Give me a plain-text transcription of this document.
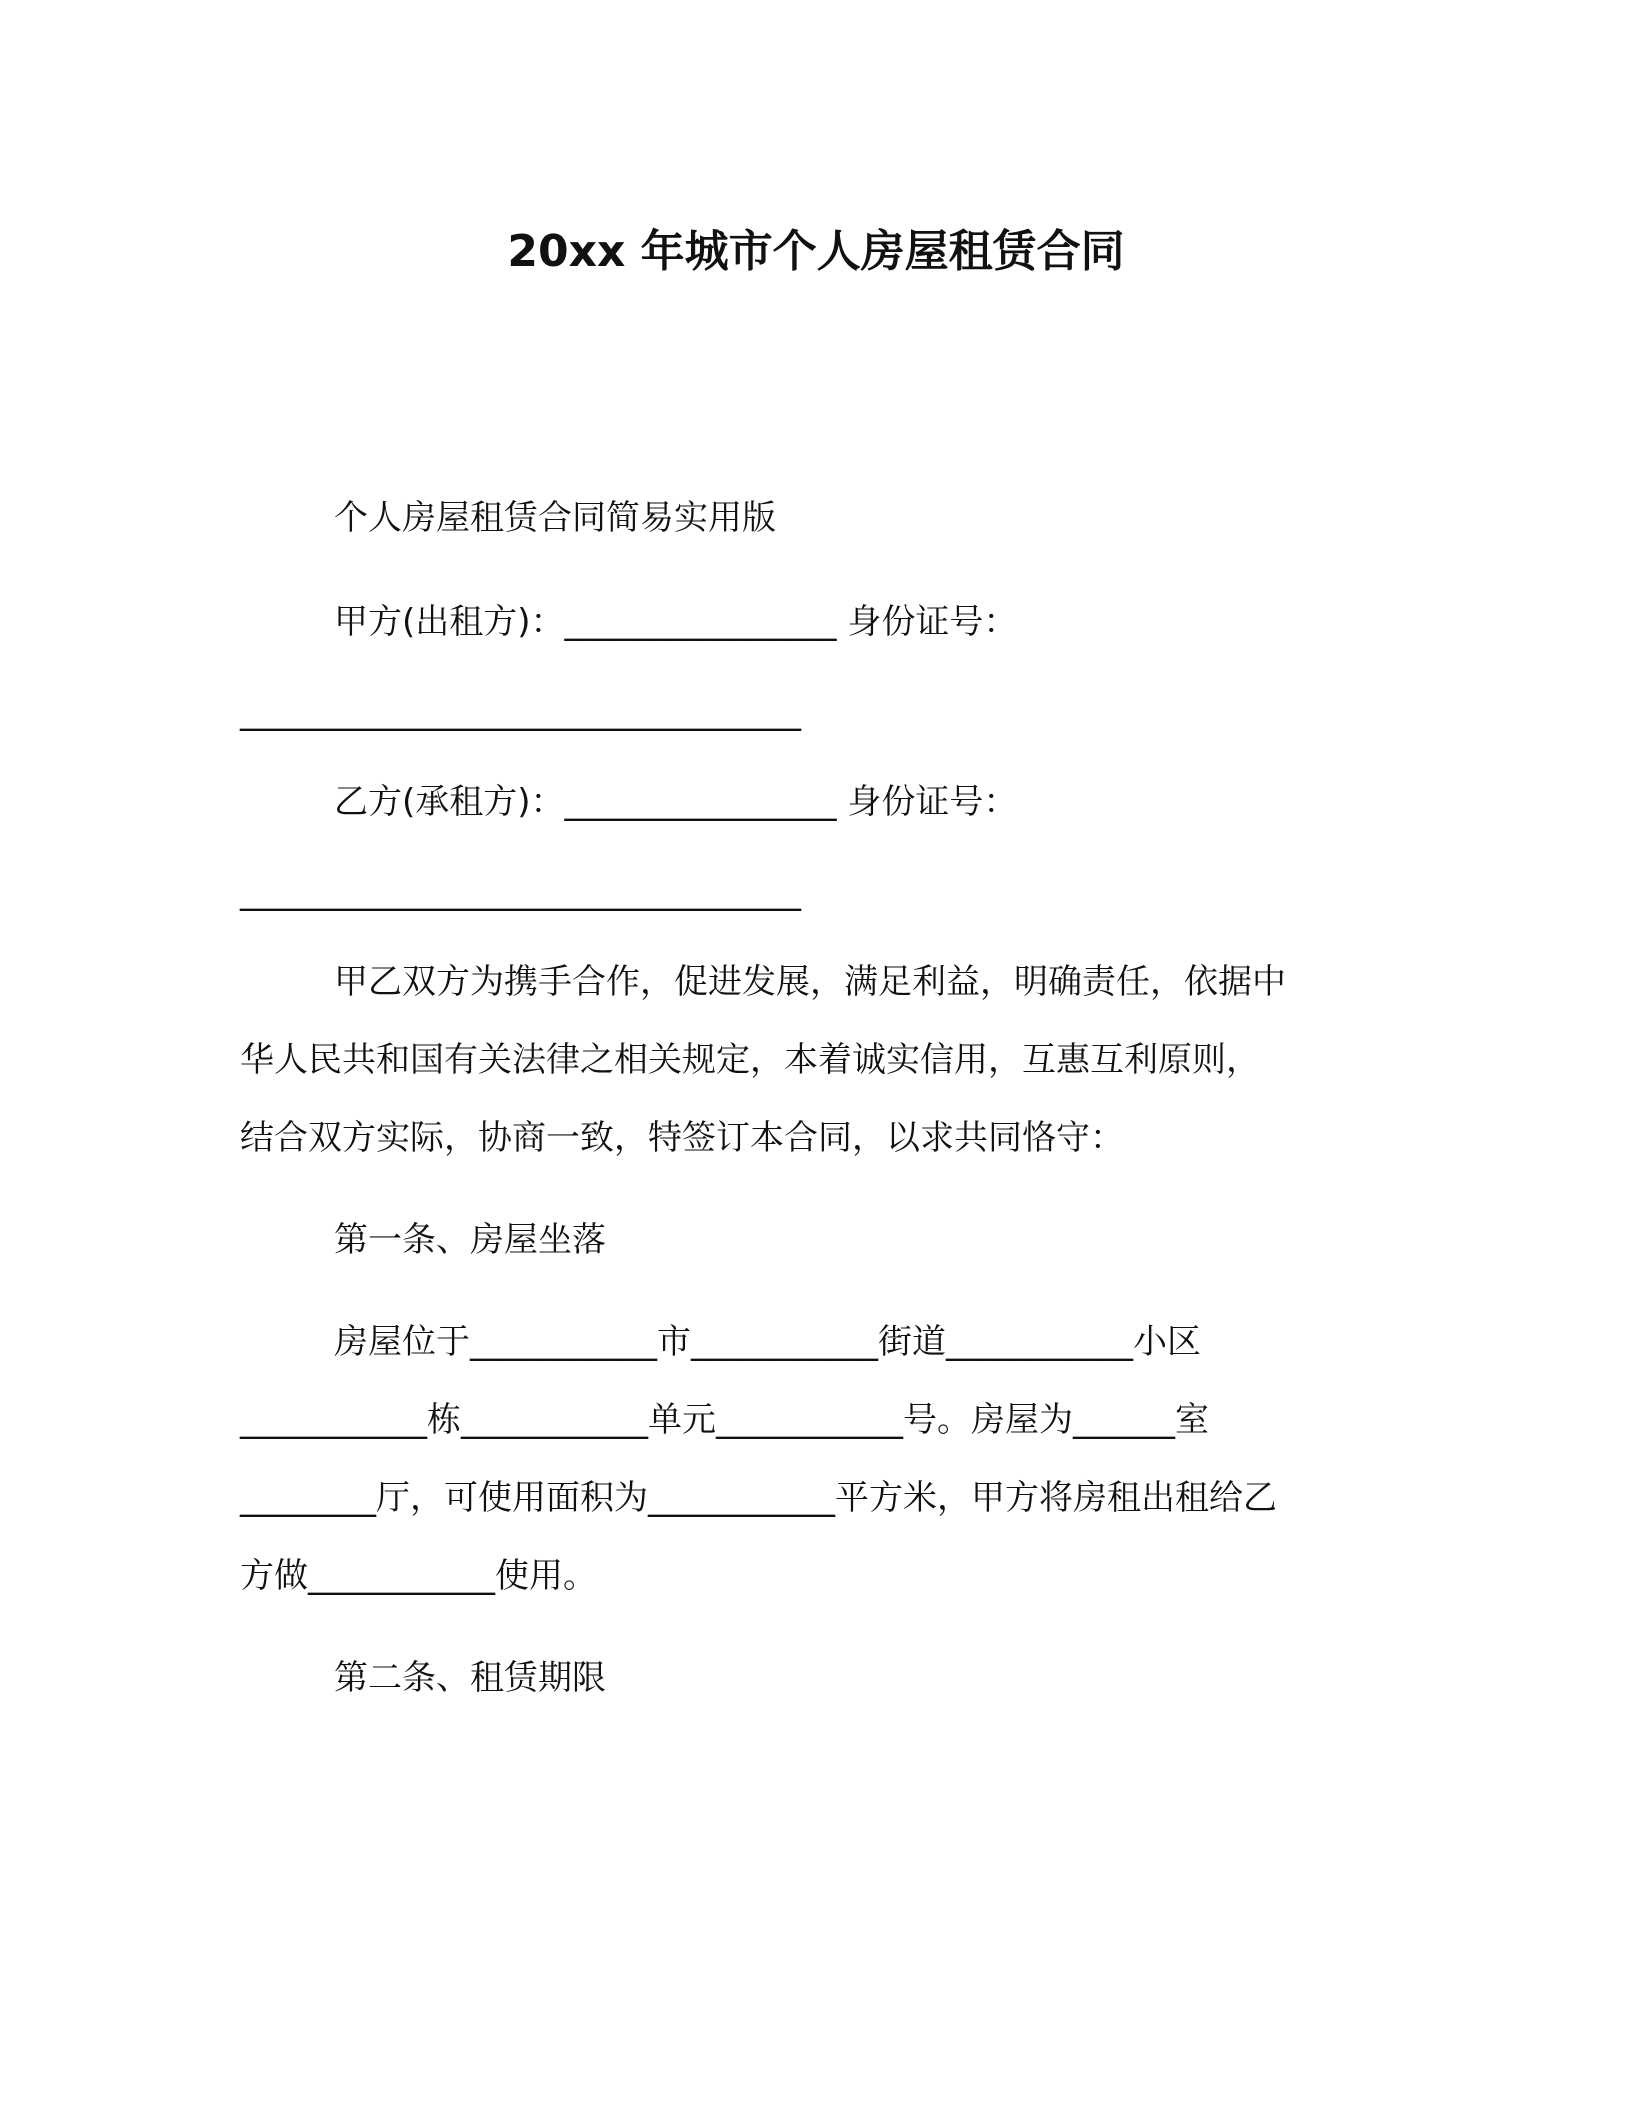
20xx 年城市个人房屋租赁合同
个人房屋租赁合同简易实用版
甲方(出租方)：________________ 身份证号：
_________________________________
乙方(承租方)：________________ 身份证号：
_________________________________
甲乙双方为携手合作，促进发展，满足利益，明确责任，依据中
华人民共和国有关法律之相关规定，本着诚实信用，互惠互利原则，
结合双方实际，协商一致，特签订本合同，以求共同恪守：
第一条、房屋坐落
房屋位于___________市___________街道___________小区
___________栋___________单元___________号。房屋为______室
________厅，可使用面积为___________平方米，甲方将房租出租给乙
方做___________使用。
第二条、租赁期限
